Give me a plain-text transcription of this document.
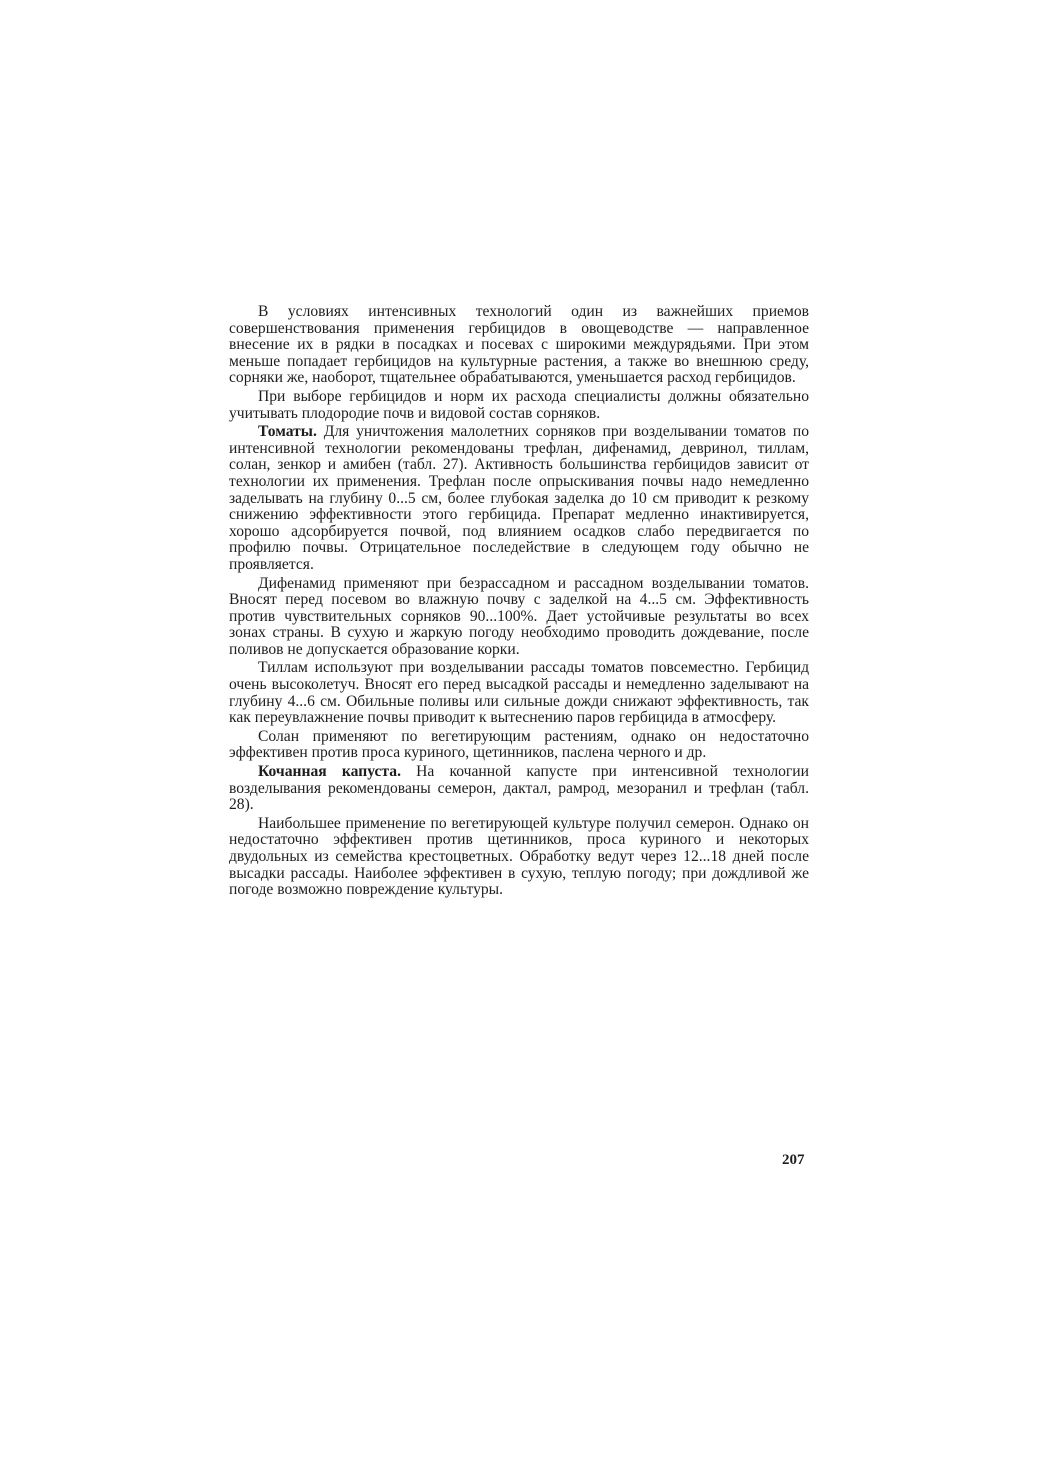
В условиях интенсивных технологий один из важнейших приемов совершенствования применения гербицидов в овощеводстве — направленное внесение их в рядки в посадках и посевах с широкими междурядьями. При этом меньше попадает гербицидов на культурные растения, а также во внешнюю среду, сорняки же, наоборот, тщательнее обрабатываются, уменьшается расход гербицидов.

При выборе гербицидов и норм их расхода специалисты должны обязательно учитывать плодородие почв и видовой состав сорняков.

Томаты. Для уничтожения малолетних сорняков при возделывании томатов по интенсивной технологии рекомендованы трефлан, дифенамид, девринол, тиллам, солан, зенкор и амибен (табл. 27). Активность большинства гербицидов зависит от технологии их применения. Трефлан после опрыскивания почвы надо немедленно заделывать на глубину 0...5 см, более глубокая заделка до 10 см приводит к резкому снижению эффективности этого гербицида. Препарат медленно инактивируется, хорошо адсорбируется почвой, под влиянием осадков слабо передвигается по профилю почвы. Отрицательное последействие в следующем году обычно не проявляется.

Дифенамид применяют при безрассадном и рассадном возделывании томатов. Вносят перед посевом во влажную почву с заделкой на 4...5 см. Эффективность против чувствительных сорняков 90...100%. Дает устойчивые результаты во всех зонах страны. В сухую и жаркую погоду необходимо проводить дождевание, после поливов не допускается образование корки.

Тиллам используют при возделывании рассады томатов повсеместно. Гербицид очень высоколетуч. Вносят его перед высадкой рассады и немедленно заделывают на глубину 4...6 см. Обильные поливы или сильные дожди снижают эффективность, так как переувлажнение почвы приводит к вытеснению паров гербицида в атмосферу.

Солан применяют по вегетирующим растениям, однако он недостаточно эффективен против проса куриного, щетинников, паслена черного и др.

Кочанная капуста. На кочанной капусте при интенсивной технологии возделывания рекомендованы семерон, дактал, рамрод, мезоранил и трефлан (табл. 28).

Наибольшее применение по вегетирующей культуре получил семерон. Однако он недостаточно эффективен против щетинников, проса куриного и некоторых двудольных из семейства крестоцветных. Обработку ведут через 12...18 дней после высадки рассады. Наиболее эффективен в сухую, теплую погоду; при дождливой же погоде возможно повреждение культуры.

207
